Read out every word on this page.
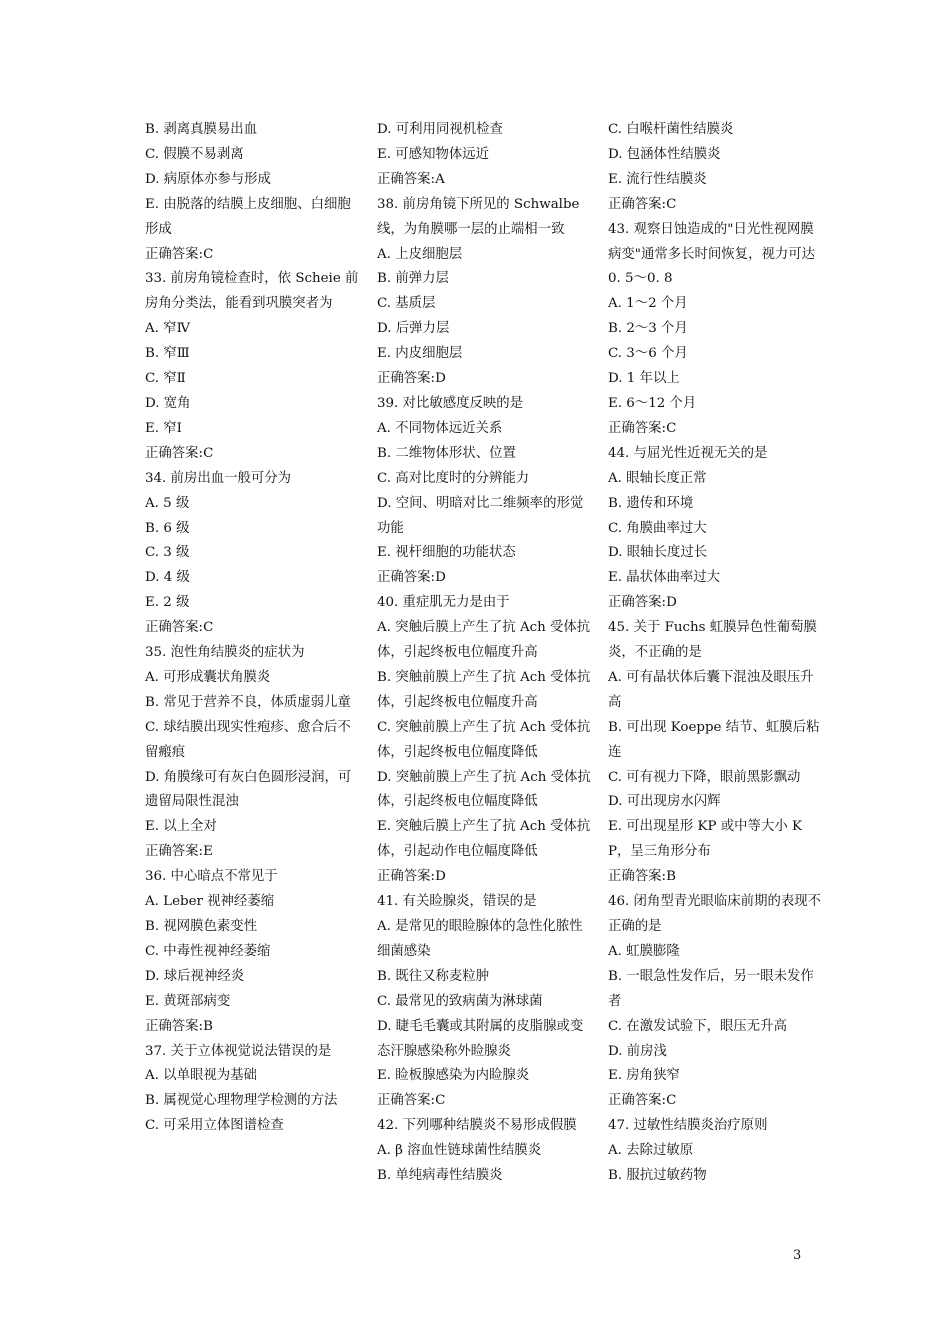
B. 剥离真膜易出血

C. 假膜不易剥离

D. 病原体亦参与形成

E. 由脱落的结膜上皮细胞、白细胞形成

正确答案:C

33. 前房角镜检查时，依 Scheie 前房角分类法，能看到巩膜突者为

A. 窄Ⅳ

B. 窄Ⅲ

C. 窄Ⅱ

D. 宽角

E. 窄Ⅰ

正确答案:C

34. 前房出血一般可分为

A. 5 级

B. 6 级

C. 3 级

D. 4 级

E. 2 级

正确答案:C

35. 泡性角结膜炎的症状为

A. 可形成囊状角膜炎

B. 常见于营养不良，体质虚弱儿童

C. 球结膜出现实性疱疹、愈合后不留瘢痕

D. 角膜缘可有灰白色圆形浸润，可遗留局限性混浊

E. 以上全对

正确答案:E

36. 中心暗点不常见于

A. Leber 视神经萎缩

B. 视网膜色素变性

C. 中毒性视神经萎缩

D. 球后视神经炎

E. 黄斑部病变

正确答案:B

37. 关于立体视觉说法错误的是

A. 以单眼视为基础

B. 属视觉心理物理学检测的方法

C. 可采用立体图谱检查

D. 可利用同视机检查

E. 可感知物体远近

正确答案:A

38. 前房角镜下所见的 Schwalbe 线，为角膜哪一层的止端相一致

A. 上皮细胞层

B. 前弹力层

C. 基质层

D. 后弹力层

E. 内皮细胞层

正确答案:D

39. 对比敏感度反映的是

A. 不同物体远近关系

B. 二维物体形状、位置

C. 高对比度时的分辨能力

D. 空间、明暗对比二维频率的形觉功能

E. 视杆细胞的功能状态

正确答案:D

40. 重症肌无力是由于

A. 突触后膜上产生了抗 Ach 受体抗体，引起终板电位幅度升高

B. 突触前膜上产生了抗 Ach 受体抗体，引起终板电位幅度升高

C. 突触前膜上产生了抗 Ach 受体抗体，引起终板电位幅度降低

D. 突触前膜上产生了抗 Ach 受体抗体，引起终板电位幅度降低

E. 突触后膜上产生了抗 Ach 受体抗体，引起动作电位幅度降低

正确答案:D

41. 有关睑腺炎，错误的是

A. 是常见的眼睑腺体的急性化脓性细菌感染

B. 既往又称麦粒肿

C. 最常见的致病菌为淋球菌

D. 睫毛毛囊或其附属的皮脂腺或变态汗腺感染称外睑腺炎

E. 睑板腺感染为内睑腺炎

正确答案:C

42. 下列哪种结膜炎不易形成假膜

A. β 溶血性链球菌性结膜炎

B. 单纯病毒性结膜炎

C. 白喉杆菌性结膜炎

D. 包涵体性结膜炎

E. 流行性结膜炎

正确答案:C

43. 观察日蚀造成的"日光性视网膜病变"通常多长时间恢复，视力可达 0. 5～0. 8

A. 1～2 个月

B. 2～3 个月

C. 3～6 个月

D. 1 年以上

E. 6～12 个月

正确答案:C

44. 与屈光性近视无关的是

A. 眼轴长度正常

B. 遗传和环境

C. 角膜曲率过大

D. 眼轴长度过长

E. 晶状体曲率过大

正确答案:D

45. 关于 Fuchs 虹膜异色性葡萄膜炎，不正确的是

A. 可有晶状体后囊下混浊及眼压升高

B. 可出现 Koeppe 结节、虹膜后粘连

C. 可有视力下降，眼前黑影飘动

D. 可出现房水闪辉

E. 可出现星形 KP 或中等大小 KP，呈三角形分布

正确答案:B

46. 闭角型青光眼临床前期的表现不正确的是

A. 虹膜膨隆

B. 一眼急性发作后，另一眼未发作者

C. 在激发试验下，眼压无升高

D. 前房浅

E. 房角狭窄

正确答案:C

47. 过敏性结膜炎治疗原则

A. 去除过敏原

B. 服抗过敏药物

3
